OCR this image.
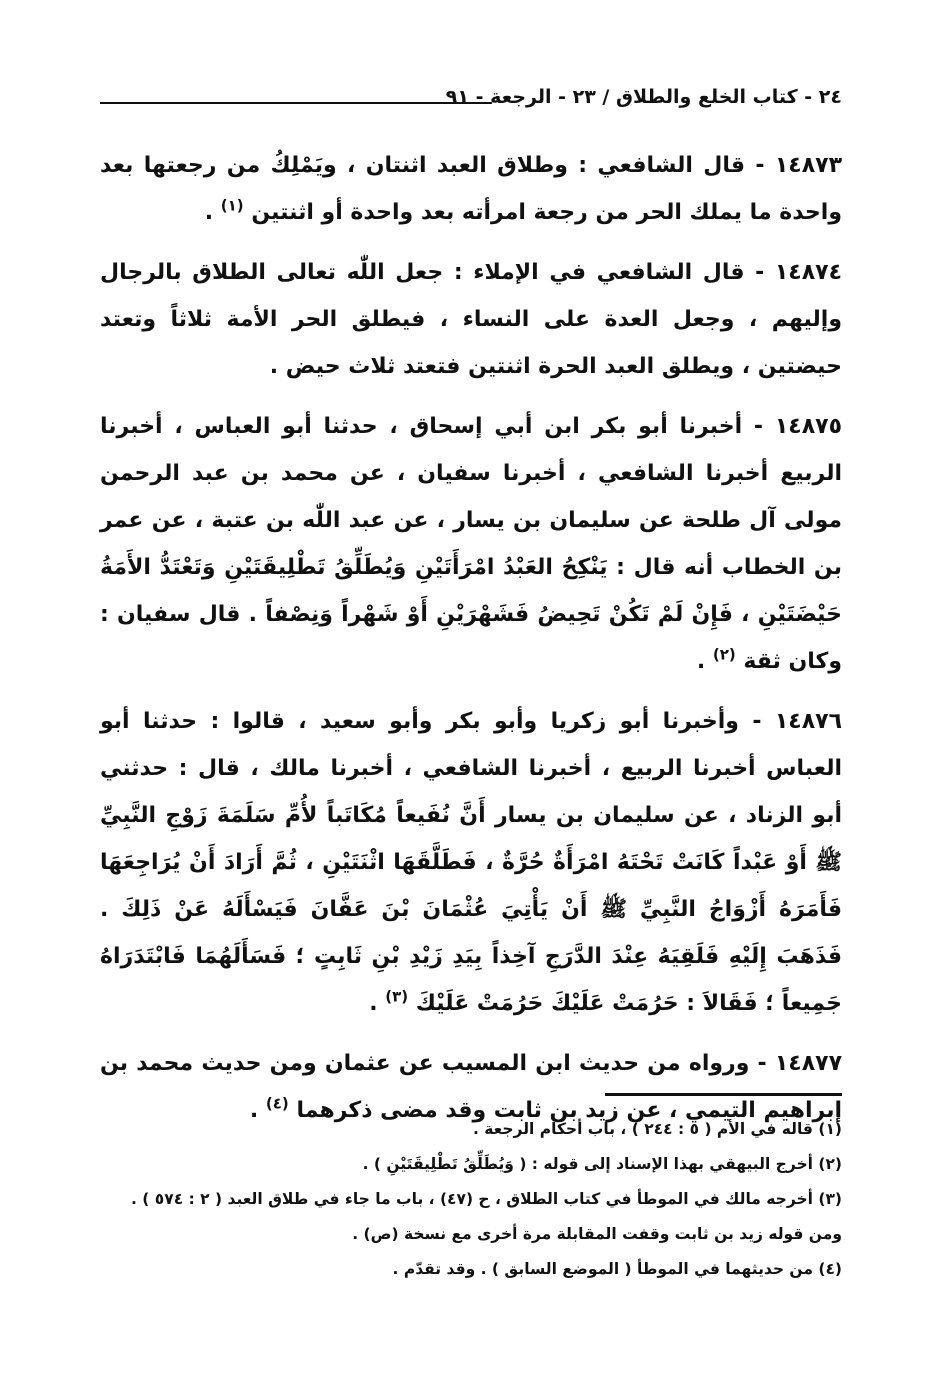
٢٤ - كتاب الخلع والطلاق / ٢٣ - الرجعة - ٩١

١٤٨٧٣ - قال الشافعي : وطلاق العبد اثنتان ، ويَمْلِكُ من رجعتها بعد واحدة ما يملك الحر من رجعة امرأته بعد واحدة أو اثنتين $^{(١)}$ .

١٤٨٧٤ - قال الشافعي في الإملاء : جعل اللّٰه تعالى الطلاق بالرجال وإليهم ، وجعل العدة على النساء ، فيطلق الحر الأمة ثلاثاً وتعتد حيضتين ، ويطلق العبد الحرة اثنتين فتعتد ثلاث حيض .

١٤٨٧٥ - أخبرنا أبو بكر ابن أبي إسحاق ، حدثنا أبو العباس ، أخبرنا الربيع أخبرنا الشافعي ، أخبرنا سفيان ، عن محمد بن عبد الرحمن مولى آل طلحة عن سليمان بن يسار ، عن عبد اللّٰه بن عتبة ، عن عمر بن الخطاب أنه قال : يَنْكِحُ العَبْدُ امْرَأَتَيْنِ وَيُطَلِّقُ تَطْلِيقَتَيْنِ وَتَعْتَدُّ الأَمَةُ حَيْضَتَيْنِ ، فَإِنْ لَمْ تَكُنْ تَحِيضُ فَشَهْرَيْنِ أَوْ شَهْراً وَنِصْفاً . قال سفيان : وكان ثقة $^{(٢)}$ .

١٤٨٧٦ - وأخبرنا أبو زكريا وأبو بكر وأبو سعيد ، قالوا : حدثنا أبو العباس أخبرنا الربيع ، أخبرنا الشافعي ، أخبرنا مالك ، قال : حدثني أبو الزناد ، عن سليمان بن يسار أَنَّ نُفَيعاً مُكَاتَباً لأُمِّ سَلَمَةَ زَوْجِ النَّبِيِّ ﷺ أَوْ عَبْداً كَانَتْ تَحْتَهُ امْرَأَةٌ حُرَّةٌ ، فَطَلَّقَهَا اثْنَتَيْنِ ، ثُمَّ أَرَادَ أَنْ يُرَاجِعَهَا فَأَمَرَهُ أَزْوَاجُ النَّبِيِّ ﷺ أَنْ يَأْتِيَ عُثْمَانَ بْنَ عَفَّانَ فَيَسْأَلَهُ عَنْ ذَلِكَ . فَذَهَبَ إِلَيْهِ فَلَقِيَهُ عِنْدَ الدَّرَجِ آخِذاً بِيَدِ زَيْدِ بْنِ ثَابِتٍ ؛ فَسَأَلَهُمَا فَابْتَدَرَاهُ جَمِيعاً ؛ فَقَالاَ : حَرُمَتْ عَلَيْكَ حَرُمَتْ عَلَيْكَ $^{(٣)}$ .

١٤٨٧٧ - ورواه من حديث ابن المسيب عن عثمان ومن حديث محمد بن إبراهيم التيمي ، عن زيد بن ثابت وقد مضى ذكرهما $^{(٤)}$ .

(١) قاله في الأم ( ٥ : ٢٤٤ ) ، باب أحكام الرجعة .

(٢) أخرج البيهقي بهذا الإسناد إلى قوله : ( وَيُطَلِّقُ تَطْلِيقَتَيْنِ ) .

(٣) أخرجه مالك في الموطأ في كتاب الطلاق ، ح (٤٧) ، باب ما جاء في طلاق العبد ( ٢ : ٥٧٤ ) . ومن قوله زيد بن ثابت وقفت المقابلة مرة أخرى مع نسخة (ص) .

(٤) من حديثهما في الموطأ ( الموضع السابق ) . وقد تقدّم .
